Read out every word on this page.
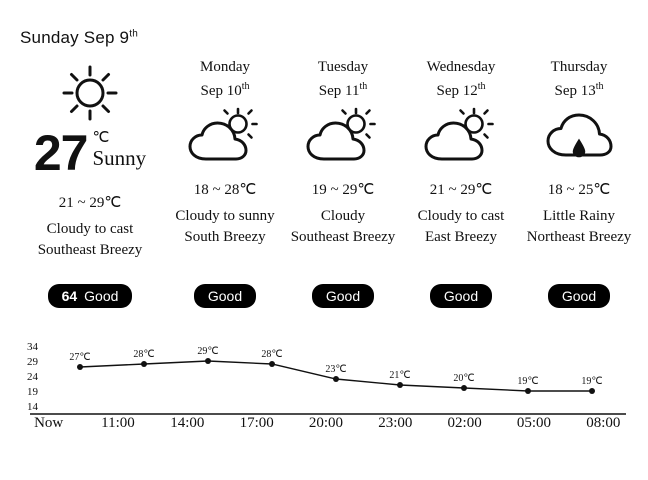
Sunday Sep 9th
27 ℃
Sunny
21 ~ 29℃
Cloudy to cast
Southeast Breezy
Monday
Sep 10th
18 ~ 28℃
Cloudy to sunny
South Breezy
Tuesday
Sep 11th
19 ~ 29℃
Cloudy
Southeast Breezy
Wednesday
Sep 12th
21 ~ 29℃
Cloudy to cast
East Breezy
Thursday
Sep 13th
18 ~ 25℃
Little Rainy
Northeast Breezy
64 Good	Good	Good	Good	Good
34
29
24
19
14
27℃	28℃	29℃	28℃
23℃
21℃	20℃	19℃	19℃
Now	11:00	14:00	17:00	20:00	23:00	02:00	05:00	08:00
